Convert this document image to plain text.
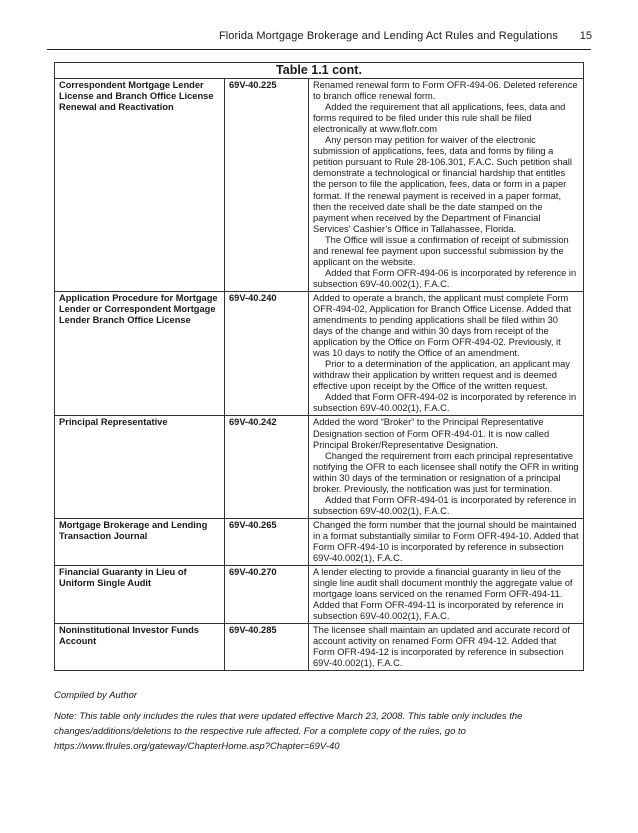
Florida Mortgage Brokerage and Lending Act Rules and Regulations 15
Table 1.1 cont.		
Correspondent Mortgage Lender License and Branch Office License Renewal and Reactivation	69V-40.225	Renamed renewal form to Form OFR-494-06. Deleted reference to branch office renewal form.

Added the requirement that all applications, fees, data and forms required to be filed under this rule shall be filed electronically at www.flofr.com

Any person may petition for waiver of the electronic submission of applications, fees, data and forms by filing a petition pursuant to Rule 28-106.301, F.A.C. Such petition shall demonstrate a technological or financial hardship that entitles the person to file the application, fees, data or form in a paper format. If the renewal payment is received in a paper format, then the received date shall be the date stamped on the payment when received by the Department of Financial Services’ Cashier’s Office in Tallahassee, Florida.

The Office will issue a confirmation of receipt of submission and renewal fee payment upon successful submission by the applicant on the website.

Added that Form OFR-494-06 is incorporated by reference in subsection 69V-40.002(1), F.A.C.

Application Procedure for Mortgage Lender or Correspondent Mortgage Lender Branch Office License	69V-40.240	Added to operate a branch, the applicant must complete Form OFR-494-02, Application for Branch Office License. Added that amendments to pending applications shall be filed within 30 days of the change and within 30 days from receipt of the application by the Office on Form OFR-494-02. Previously, it was 10 days to notify the Office of an amendment.

Prior to a determination of the application, an applicant may withdraw their application by written request and is deemed effective upon receipt by the Office of the written request.

Added that Form OFR-494-02 is incorporated by reference in subsection 69V-40.002(1), F.A.C.

Principal Representative	69V-40.242	Added the word “Broker” to the Principal Representative Designation section of Form OFR-494-01. It is now called Principal Broker/Representative Designation.

Changed the requirement from each principal representative notifying the OFR to each licensee shall notify the OFR in writing within 30 days of the termination or resignation of a principal broker. Previously, the notification was just for termination.

Added that Form OFR-494-01 is incorporated by reference in subsection 69V-40.002(1), F.A.C.

Mortgage Brokerage and Lending Transaction Journal	69V-40.265	Changed the form number that the journal should be maintained in a format substantially similar to Form OFR-494-10. Added that Form OFR-494-10 is incorporated by reference in subsection 69V-40.002(1), F.A.C.

Financial Guaranty in Lieu of Uniform Single Audit	69V-40.270	A lender electing to provide a financial guaranty in lieu of the single line audit shall document monthly the aggregate value of mortgage loans serviced on the renamed Form OFR-494-11. Added that Form OFR-494-11 is incorporated by reference in subsection 69V-40.002(1), F.A.C.

Noninstitutional Investor Funds Account	69V-40.285	The licensee shall maintain an updated and accurate record of account activity on renamed Form OFR 494-12. Added that Form OFR-494-12 is incorporated by reference in subsection 69V-40.002(1), F.A.C.

Compiled by Author
Note: This table only includes the rules that were updated effective March 23, 2008. This table only includes the changes/additions/deletions to the respective rule affected. For a complete copy of the rules, go to https://www.flrules.org/gateway/ChapterHome.asp?Chapter=69V-40
